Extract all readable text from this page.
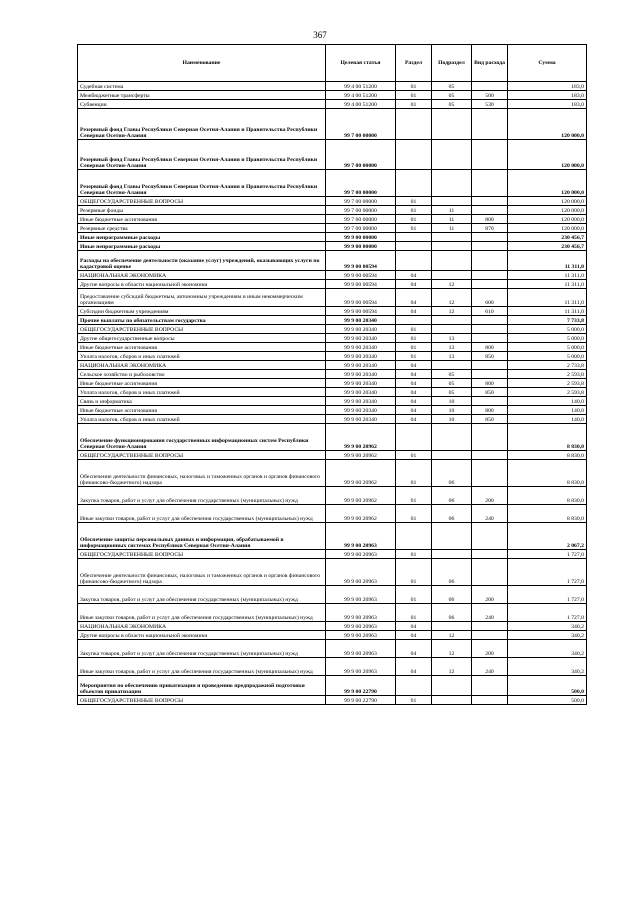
367
Наименование	Целевая статья	Раздел	Подраздел	Вид расхода	Сумма
Судебная система	99 4 00 51200	01	05		183,0
Межбюджетные трансферты	99 4 00 51200	01	05	500	183,0
Субвенции	99 4 00 51200	01	05	530	183,0
Резервный фонд Главы Республики Северная Осетия-Алания и Правительства Республики Северная Осетия-Алания	99 7 00 00000				120 000,0
Резервный фонд Главы Республики Северная Осетия-Алания и Правительства Республики Северная Осетия-Алания	99 7 00 00000				120 000,0
Резервный фонд Главы Республики Северная Осетия-Алания и Правительства Республики Северная Осетия-Алания	99 7 00 00000				120 000,0
ОБЩЕГОСУДАРСТВЕННЫЕ ВОПРОСЫ	99 7 00 00000	01			120 000,0
Резервные фонды	99 7 00 00000	01	11		120 000,0
Иные бюджетные ассигнования	99 7 00 00000	01	11	800	120 000,0
Резервные средства	99 7 00 00000	01	11	870	120 000,0
Иные непрограммные расходы	99 9 00 00000				230 456,7
Иные непрограммные расходы	99 9 00 00000				230 456,7
Расходы на обеспечение деятельности (оказание услуг) учреждений, оказывающих услуги по кадастровой оценке	99 9 00 00594				11 311,0
НАЦИОНАЛЬНАЯ ЭКОНОМИКА	99 9 00 00594	04			11 311,0
Другие вопросы в области национальной экономики	99 9 00 00594	04	12		11 311,0
Предоставление субсидий бюджетным, автономным учреждениям и иным некоммерческим организациям	99 9 00 00594	04	12	600	11 311,0
Субсидии бюджетным учреждениям	99 9 00 00594	04	12	610	11 311,0
Прочие выплаты по обязательствам государства	99 9 00 20340				7 733,8
ОБЩЕГОСУДАРСТВЕННЫЕ ВОПРОСЫ	99 9 00 20340	01			5 000,0
Другие общегосударственные вопросы	99 9 00 20340	01	13		5 000,0
Иные бюджетные ассигнования	99 9 00 20340	01	13	800	5 000,0
Уплата налогов, сборов и иных платежей	99 9 00 20340	01	13	850	5 000,0
НАЦИОНАЛЬНАЯ ЭКОНОМИКА	99 9 00 20340	04			2 733,8
Сельское хозяйство и рыболовство	99 9 00 20340	04	05		2 593,8
Иные бюджетные ассигнования	99 9 00 20340	04	05	800	2 593,8
Уплата налогов, сборов и иных платежей	99 9 00 20340	04	05	850	2 593,8
Связь и информатика	99 9 00 20340	04	10		140,0
Иные бюджетные ассигнования	99 9 00 20340	04	10	800	140,0
Уплата налогов, сборов и иных платежей	99 9 00 20340	04	10	850	140,0
Обеспечение функционирования государственных информационных систем Республики Северная Осетия-Алания	99 9 00 20962				8 830,0
ОБЩЕГОСУДАРСТВЕННЫЕ ВОПРОСЫ	99 9 00 20962	01			8 830,0
Обеспечение деятельности финансовых, налоговых и таможенных органов и органов финансового (финансово-бюджетного) надзора	99 9 00 20962	01	06		8 830,0
Закупка товаров, работ и услуг для обеспечения государственных (муниципальных) нужд	99 9 00 20962	01	06	200	8 830,0
Иные закупки товаров, работ и услуг для обеспечения государственных (муниципальных) нужд	99 9 00 20962	01	06	240	8 830,0
Обеспечение защиты персональных данных и информации, обрабатываемой в информационных системах Республики Северная Осетия-Алания	99 9 00 20963				2 067,2
ОБЩЕГОСУДАРСТВЕННЫЕ ВОПРОСЫ	99 9 00 20963	01			1 727,0
Обеспечение деятельности финансовых, налоговых и таможенных органов и органов финансового (финансово-бюджетного) надзора	99 9 00 20963	01	06		1 727,0
Закупка товаров, работ и услуг для обеспечения государственных (муниципальных) нужд	99 9 00 20963	01	06	200	1 727,0
Иные закупки товаров, работ и услуг для обеспечения государственных (муниципальных) нужд	99 9 00 20963	01	06	240	1 727,0
НАЦИОНАЛЬНАЯ ЭКОНОМИКА	99 9 00 20963	04			340,2
Другие вопросы в области национальной экономики	99 9 00 20963	04	12		340,2
Закупка товаров, работ и услуг для обеспечения государственных (муниципальных) нужд	99 9 00 20963	04	12	200	340,2
Иные закупки товаров, работ и услуг для обеспечения государственных (муниципальных) нужд	99 9 00 20963	04	12	240	340,2
Мероприятия по обеспечению приватизации и проведению предпродажной подготовки объектов приватизации	99 9 00 22790				500,0
ОБЩЕГОСУДАРСТВЕННЫЕ ВОПРОСЫ	99 9 00 22790	01			500,0
